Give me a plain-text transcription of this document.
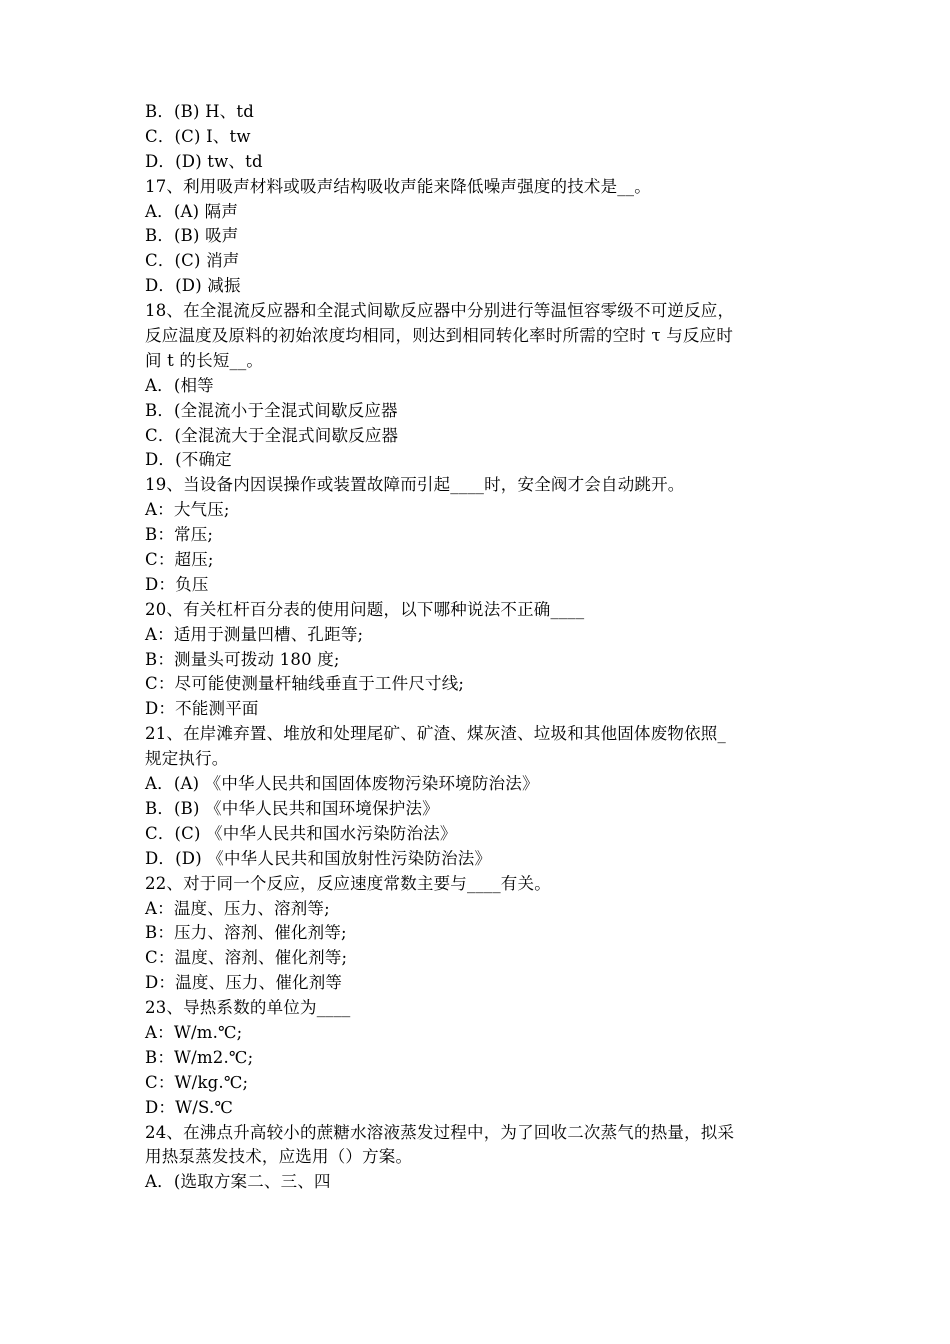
B．(B) H、td
C．(C) I、tw
D．(D) tw、td
17、利用吸声材料或吸声结构吸收声能来降低噪声强度的技术是__。
A．(A) 隔声
B．(B) 吸声
C．(C) 消声
D．(D) 减振
18、在全混流反应器和全混式间歇反应器中分别进行等温恒容零级不可逆反应，
反应温度及原料的初始浓度均相同，则达到相同转化率时所需的空时 τ 与反应时
间 t 的长短__。
A．(相等
B．(全混流小于全混式间歇反应器
C．(全混流大于全混式间歇反应器
D．(不确定
19、当设备内因误操作或装置故障而引起____时，安全阀才会自动跳开。
A：大气压;
B：常压;
C：超压;
D：负压
20、有关杠杆百分表的使用问题，以下哪种说法不正确____
A：适用于测量凹槽、孔距等;
B：测量头可拨动 180 度;
C：尽可能使测量杆轴线垂直于工件尺寸线;
D：不能测平面
21、在岸滩弃置、堆放和处理尾矿、矿渣、煤灰渣、垃圾和其他固体废物依照_
规定执行。
A．(A) 《中华人民共和国固体废物污染环境防治法》
B．(B) 《中华人民共和国环境保护法》
C．(C) 《中华人民共和国水污染防治法》
D．(D) 《中华人民共和国放射性污染防治法》
22、对于同一个反应，反应速度常数主要与____有关。
A：温度、压力、溶剂等;
B：压力、溶剂、催化剂等;
C：温度、溶剂、催化剂等;
D：温度、压力、催化剂等
23、导热系数的单位为____
A：W/m.℃;
B：W/m2.℃;
C：W/kg.℃;
D：W/S.℃
24、在沸点升高较小的蔗糖水溶液蒸发过程中，为了回收二次蒸气的热量，拟采
用热泵蒸发技术，应选用（）方案。
A．(选取方案二、三、四
